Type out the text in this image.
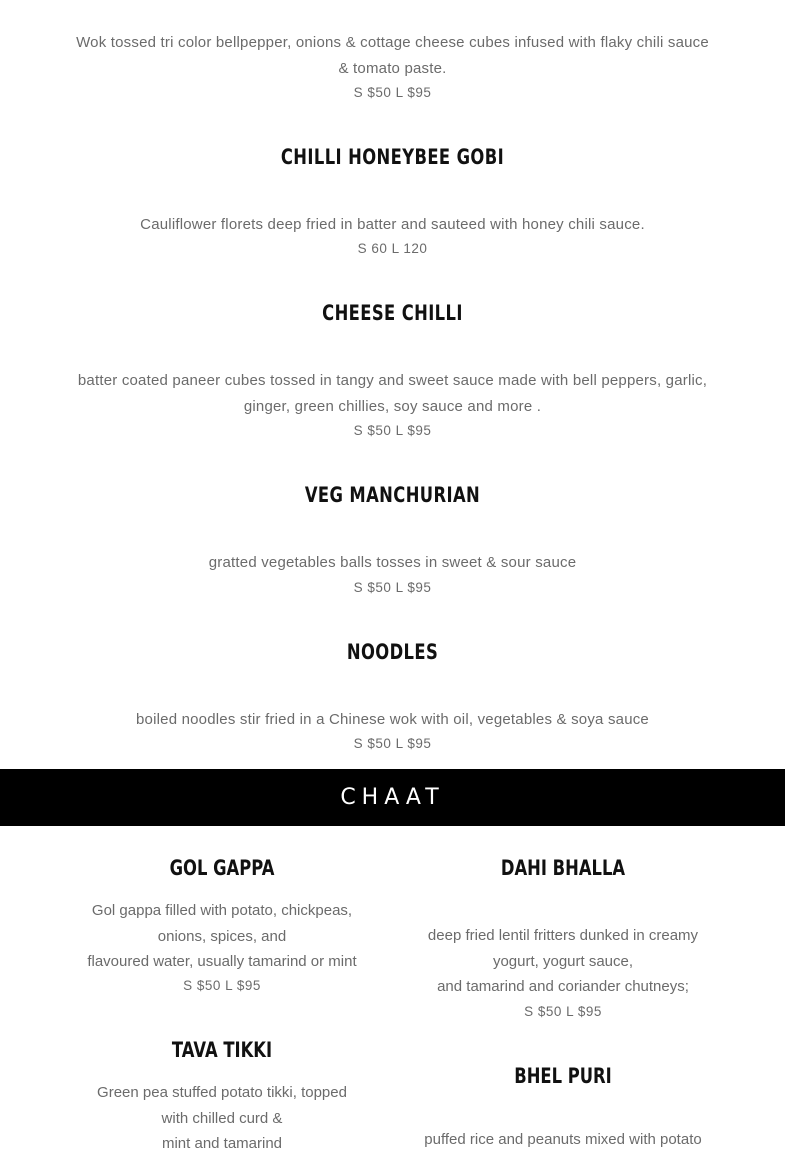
Wok tossed tri color bellpepper, onions & cottage cheese cubes infused with flaky chili sauce
& tomato paste.
S $50 L $95
CHILLI HONEYBEE GOBI
Cauliflower florets deep fried in batter and sauteed with honey chili sauce.
S 60 L 120
CHEESE CHILLI
batter coated paneer cubes tossed in tangy and sweet sauce made with bell peppers, garlic,
ginger, green chillies, soy sauce and more .
S $50 L $95
VEG MANCHURIAN
gratted vegetables balls tosses in sweet & sour sauce
S $50 L $95
NOODLES
boiled noodles stir fried in a Chinese wok with oil, vegetables & soya sauce
S $50 L $95
CHAAT
GOL GAPPA
Gol gappa filled with potato, chickpeas,
onions, spices, and
flavoured water, usually tamarind or mint
S $50 L $95
TAVA TIKKI
Green pea stuffed potato tikki, topped
with chilled curd &
mint and tamarind
DAHI BHALLA
deep fried lentil fritters dunked in creamy
yogurt, yogurt sauce,
and tamarind and coriander chutneys;
S $50 L $95
BHEL PURI
puffed rice and peanuts mixed with potato
